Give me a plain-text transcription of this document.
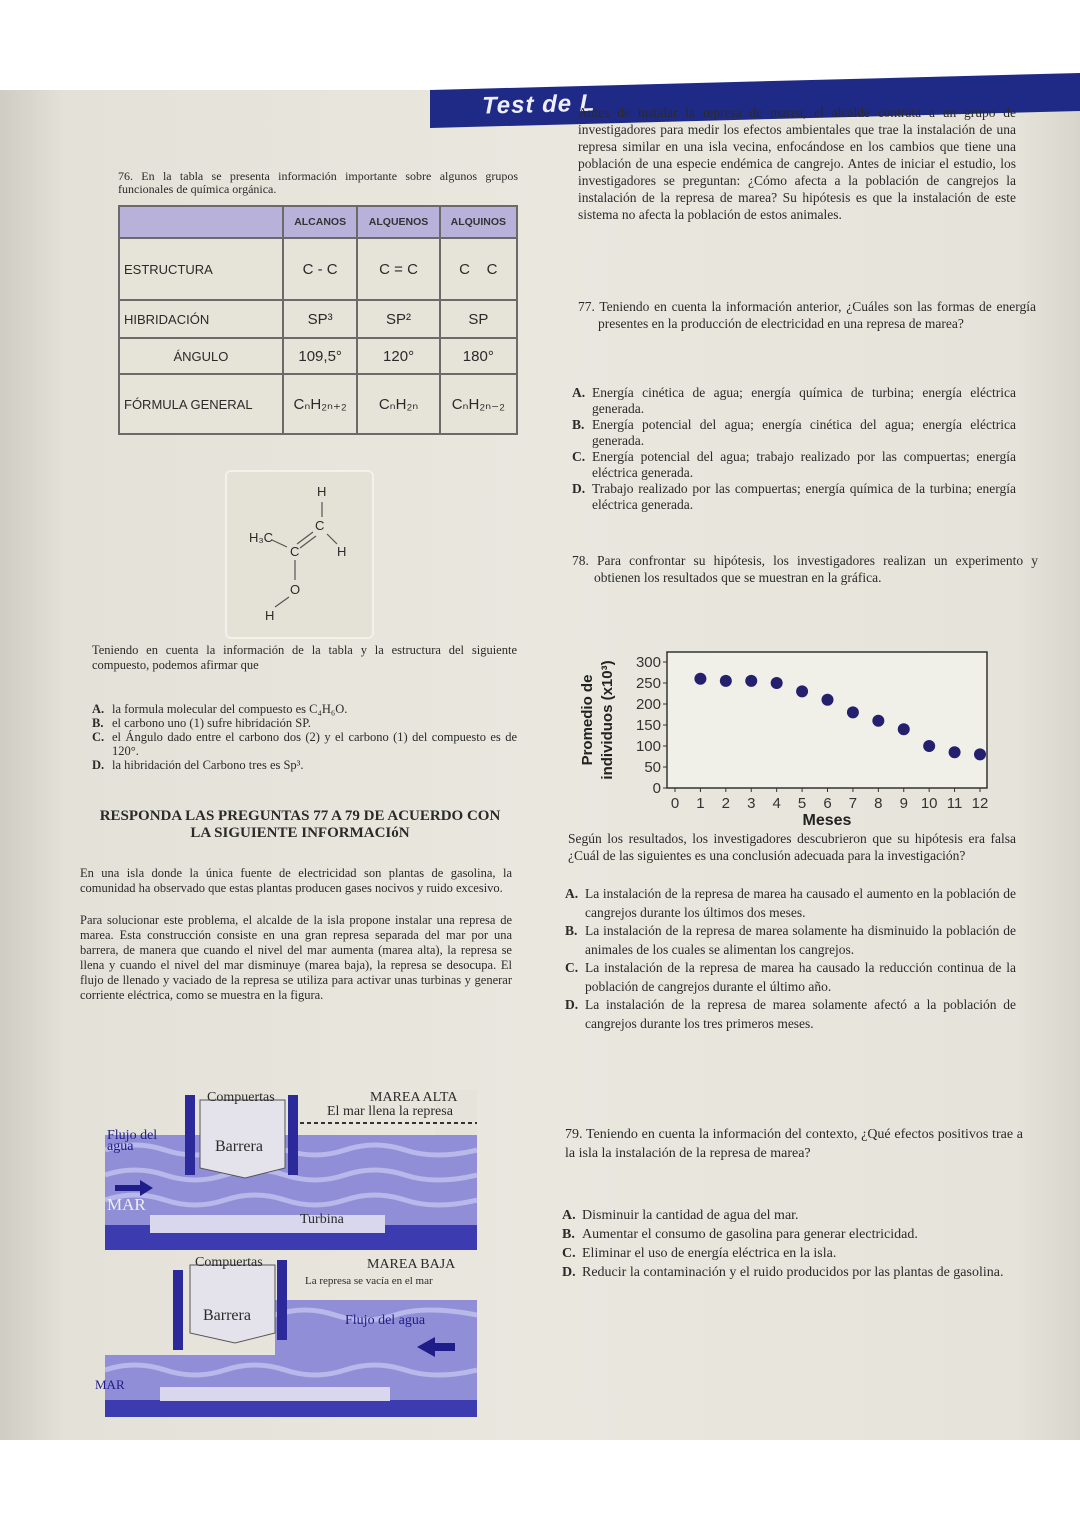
Test de L
76. En la tabla se presenta información importante sobre algunos grupos funcionales de química orgánica.
	ALCANOS	ALQUENOS	ALQUINOS
ESTRUCTURA	C - C	C = C	C    C
HIBRIDACIÓN	SP³	SP²	SP
ÁNGULO	109,5°	120°	180°
FÓRMULA GENERAL	CₙH₂ₙ₊₂	CₙH₂ₙ	CₙH₂ₙ₋₂
H
H₃C
C
C	H
O
H
Teniendo en cuenta la información de la tabla y la estructura del siguiente compuesto, podemos afirmar que
A. la formula molecular del compuesto es C₄H₆O.
B. el carbono uno (1) sufre hibridación SP.
C. el Ángulo dado entre el carbono dos (2) y el carbono (1) del compuesto es de 120°.
D. la hibridación del Carbono tres es Sp³.
RESPONDA LAS PREGUNTAS 77 A 79 DE ACUERDO CON LA SIGUIENTE INFORMACIóN
En una isla donde la única fuente de electricidad son plantas de gasolina, la comunidad ha observado que estas plantas producen gases nocivos y ruido excesivo.
Para solucionar este problema, el alcalde de la isla propone instalar una represa de marea. Esta construcción consiste en una gran represa separada del mar por una barrera, de manera que cuando el nivel del mar aumenta (marea alta), la represa se llena y cuando el nivel del mar disminuye (marea baja), la represa se desocupa. El flujo de llenado y vaciado de la represa se utiliza para activar unas turbinas y generar corriente eléctrica, como se muestra en la figura.
Compuertas	MAREA ALTA
El mar llena la represa
Flujo del agua	Barrera
MAR
Turbina
Compuertas	MAREA BAJA
La represa se vacía en el mar
Barrera	Flujo del agua
MAR
Antes de instalar la represa de marea, el alcalde contrata a un grupo de investigadores para medir los efectos ambientales que trae la instalación de una represa similar en una isla vecina, enfocándose en los cambios que tiene una población de una especie endémica de cangrejo. Antes de iniciar el estudio, los investigadores se preguntan: ¿Cómo afecta a la población de cangrejos la instalación de la represa de marea? Su hipótesis es que la instalación de este sistema no afecta la población de estos animales.
77. Teniendo en cuenta la información anterior, ¿Cuáles son las formas de energía presentes en la producción de electricidad en una represa de marea?
A. Energía cinética de agua; energía química de turbina; energía eléctrica generada.
B. Energía potencial del agua; energía cinética del agua; energía eléctrica generada.
C. Energía potencial del agua; trabajo realizado por las compuertas; energía eléctrica generada.
D. Trabajo realizado por las compuertas; energía química de la turbina; energía eléctrica generada.
78. Para confrontar su hipótesis, los investigadores realizan un experimento y obtienen los resultados que se muestran en la gráfica.
0
50
100
150
200
250
300
0 1 2 3 4 5 6 7 8 9 10 11 12
Meses
Promedio de individuos (x10³)
Según los resultados, los investigadores descubrieron que su hipótesis era falsa ¿Cuál de las siguientes es una conclusión adecuada para la investigación?
A. La instalación de la represa de marea ha causado el aumento en la población de cangrejos durante los últimos dos meses.
B. La instalación de la represa de marea solamente ha disminuido la población de animales de los cuales se alimentan los cangrejos.
C. La instalación de la represa de marea ha causado la reducción continua de la población de cangrejos durante el último año.
D. La instalación de la represa de marea solamente afectó a la población de cangrejos durante los tres primeros meses.
79. Teniendo en cuenta la información del contexto, ¿Qué efectos positivos trae a la isla la instalación de la represa de marea?
A. Disminuir la cantidad de agua del mar.
B. Aumentar el consumo de gasolina para generar electricidad.
C. Eliminar el uso de energía eléctrica en la isla.
D. Reducir la contaminación y el ruido producidos por las plantas de gasolina.
